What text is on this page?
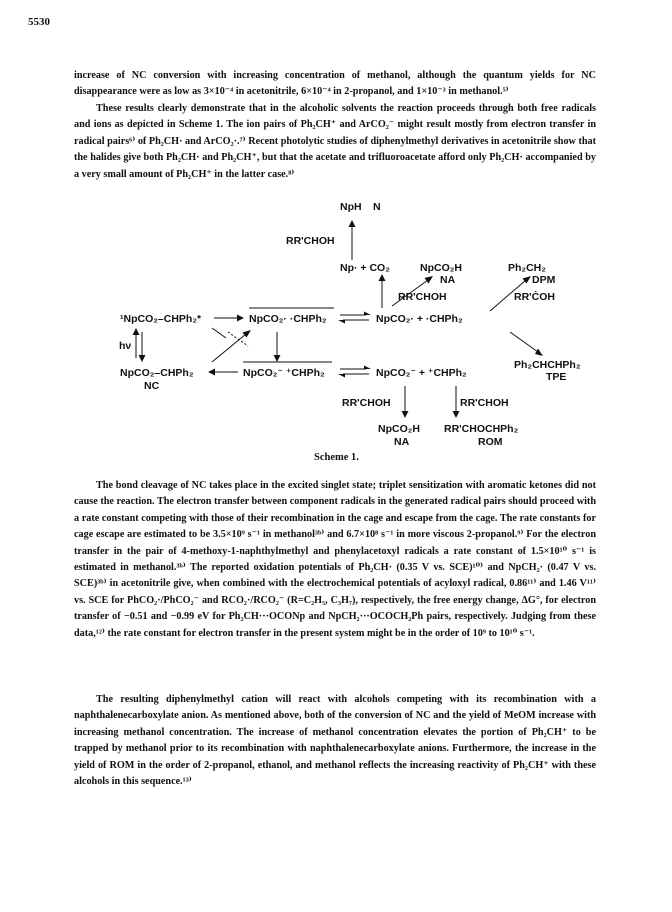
5530

increase of NC conversion with increasing concentration of methanol, although the quantum yields for NC disappearance were as low as 3×10⁻⁴ in acetonitrile, 6×10⁻⁴ in 2-propanol, and 1×10⁻³ in methanol.⁵⁾

These results clearly demonstrate that in the alcoholic solvents the reaction proceeds through both free radicals and ions as depicted in Scheme 1. The ion pairs of Ph₂CH⁺ and ArCO₂⁻ might result mostly from electron transfer in radical pairs⁶⁾ of Ph₂CH· and ArCO₂·.⁷⁾ Recent photolytic studies of diphenylmethyl derivatives in acetonitrile show that the halides give both Ph₂CH· and Ph₂CH⁺, but that the acetate and trifluoroacetate afford only Ph₂CH· accompanied by a very small amount of Ph₂CH⁺ in the latter case.⁸⁾

NpH N
RR'CHOH
Np· + CO₂	NpCO₂H
NA
RR'CHOH
Ph₂CH₂
DPM
RR'ĊOH
¹NpCO₂–CHPh₂*	NpCO₂· ·CHPh₂	NpCO₂· + ·CHPh₂
hν
Ph₂CHCHPh₂
TPE
NpCO₂–CHPh₂
NC
NpCO₂⁻ ⁺CHPh₂	NpCO₂⁻ + ⁺CHPh₂
RR'CHOH	RR'CHOH
NpCO₂H
NA
RR'CHOCHPh₂
ROM
Scheme 1.

The bond cleavage of NC takes place in the excited singlet state; triplet sensitization with aromatic ketones did not cause the reaction. The electron transfer between component radicals in the generated radical pairs should proceed with a rate constant competing with those of their recombination in the cage and escape from the cage. The rate constants for cage escape are estimated to be 3.5×10⁹ s⁻¹ in methanol³ᵇ⁾ and 6.7×10⁸ s⁻¹ in more viscous 2-propanol.⁹⁾ For the electron transfer in the pair of 4-methoxy-1-naphthylmethyl and phenylacetoxyl radicals a rate constant of 1.5×10¹⁰ s⁻¹ is estimated in methanol.³ᵇ⁾ The reported oxidation potentials of Ph₂CH· (0.35 V vs. SCE)¹⁰⁾ and NpCH₂· (0.47 V vs. SCE)³ᵇ⁾ in acetonitrile give, when combined with the electrochemical potentials of acyloxyl radical, 0.86¹¹⁾ and 1.46 V¹¹⁾ vs. SCE for PhCO₂·/PhCO₂⁻ and RCO₂·/RCO₂⁻ (R=C₂H₅, C₃H₇), respectively, the free energy change, ΔG°, for electron transfer of −0.51 and −0.99 eV for Ph₂CH···OCONp and NpCH₂···OCOCH₂Ph pairs, respectively. Judging from these data,¹²⁾ the rate constant for electron transfer in the present system might be in the order of 10⁹ to 10¹⁰ s⁻¹.

The resulting diphenylmethyl cation will react with alcohols competing with its recombination with a naphthalenecarboxylate anion. As mentioned above, both of the conversion of NC and the yield of MeOM increase with increasing methanol concentration. The increase of methanol concentration elevates the portion of Ph₂CH⁺ to be trapped by methanol prior to its recombination with naphthalenecarboxylate anions. Furthermore, the increase in the yield of ROM in the order of 2-propanol, ethanol, and methanol reflects the increasing reactivity of Ph₂CH⁺ with these alcohols in this sequence.¹³⁾
